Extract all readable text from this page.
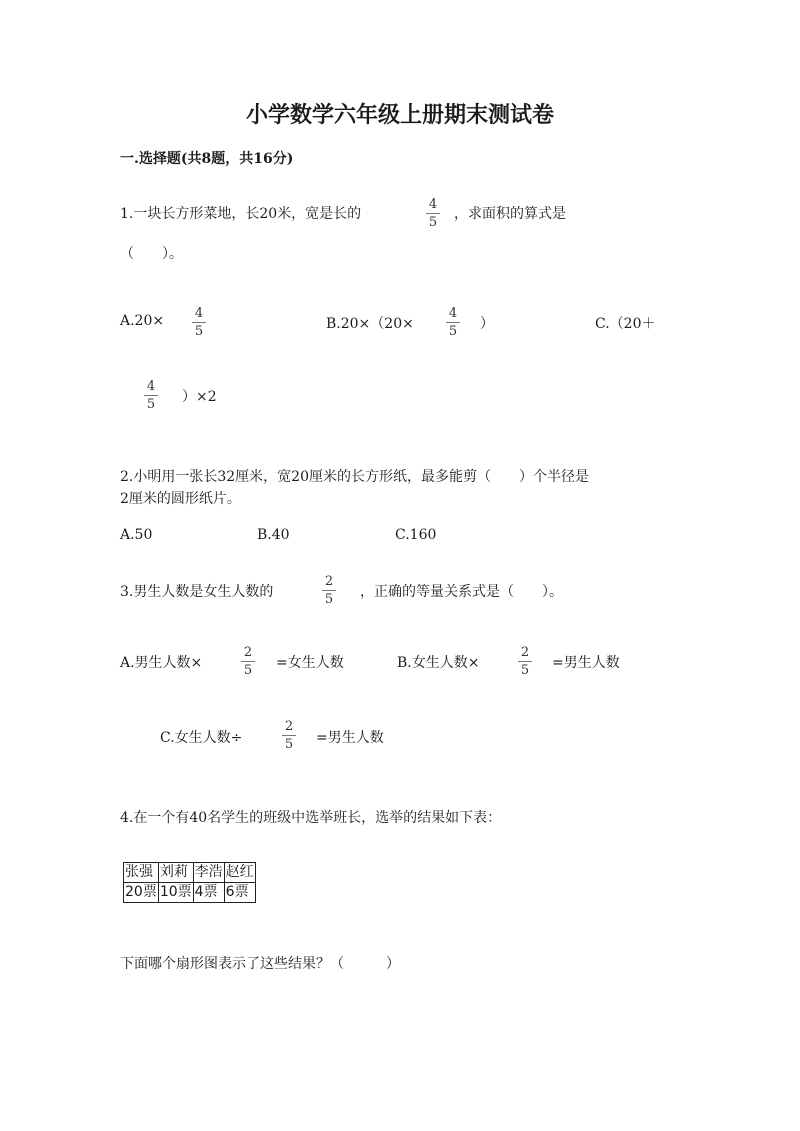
小学数学六年级上册期末测试卷
一.选择题(共8题，共16分)
1.一块长方形菜地，长20米，宽是长的
4
5
，求面积的算式是
（　　）。
A.20×	4
5	B.20×（20×
4
5	）	C.（20＋
4
5	）×2
2.小明用一张长32厘米，宽20厘米的长方形纸，最多能剪（　　）个半径是
2厘米的圆形纸片。
A.50	B.40	C.160
3.男生人数是女生人数的
2
5	，正确的等量关系式是（　　）。
A.男生人数×
2
5	=女生人数	B.女生人数×
2
5	=男生人数
C.女生人数÷
2
5	=男生人数
4.在一个有40名学生的班级中选举班长，选举的结果如下表：
张强	刘莉	李浩	赵红
20票	10票	4票	6票
下面哪个扇形图表示了这些结果？（　　　）
